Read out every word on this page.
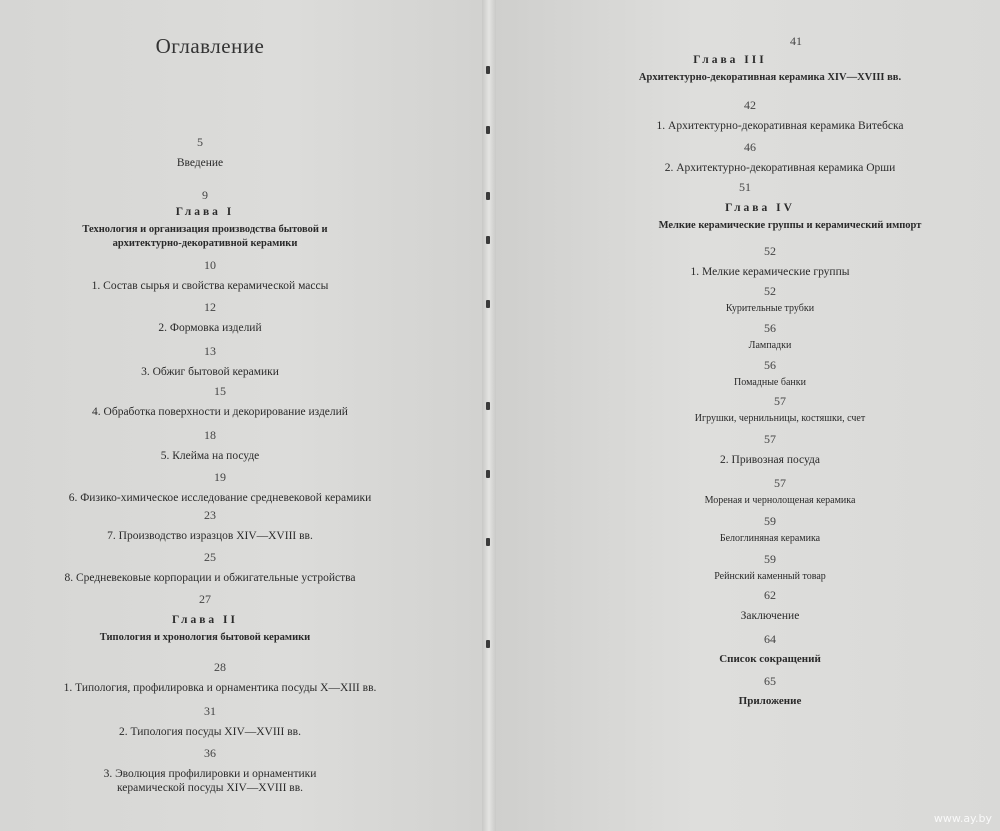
Оглавление
5
Введение
9
Глава I
Технология и организация производства бытовой и архитектурно-декоративной керамики
10
1. Состав сырья и свойства керамической массы
12
2. Формовка изделий
13
3. Обжиг бытовой керамики
15
4. Обработка поверхности и декорирование изделий
18
5. Клейма на посуде
19
6. Физико-химическое исследование средневековой керамики
23
7. Производство изразцов XIV—XVIII вв.
25
8. Средневековые корпорации и обжигательные устройства
27
Глава II
Типология и хронология бытовой керамики
28
1. Типология, профилировка и орнаментика посуды X—XIII вв.
31
2. Типология посуды XIV—XVIII вв.
36
3. Эволюция профилировки и орнаментики керамической посуды XIV—XVIII вв.
41
Глава III
Архитектурно-декоративная керамика XIV—XVIII вв.
42
1. Архитектурно-декоративная керамика Витебска
46
2. Архитектурно-декоративная керамика Орши
51
Глава IV
Мелкие керамические группы и керамический импорт
52
1. Мелкие керамические группы
52
Курительные трубки
56
Лампадки
56
Помадные банки
57
Игрушки, чернильницы, костяшки, счет
57
2. Привозная посуда
57
Мореная и чернолощеная керамика
59
Белоглиняная керамика
59
Рейнский каменный товар
62
Заключение
64
Список сокращений
65
Приложение
www.ay.by
